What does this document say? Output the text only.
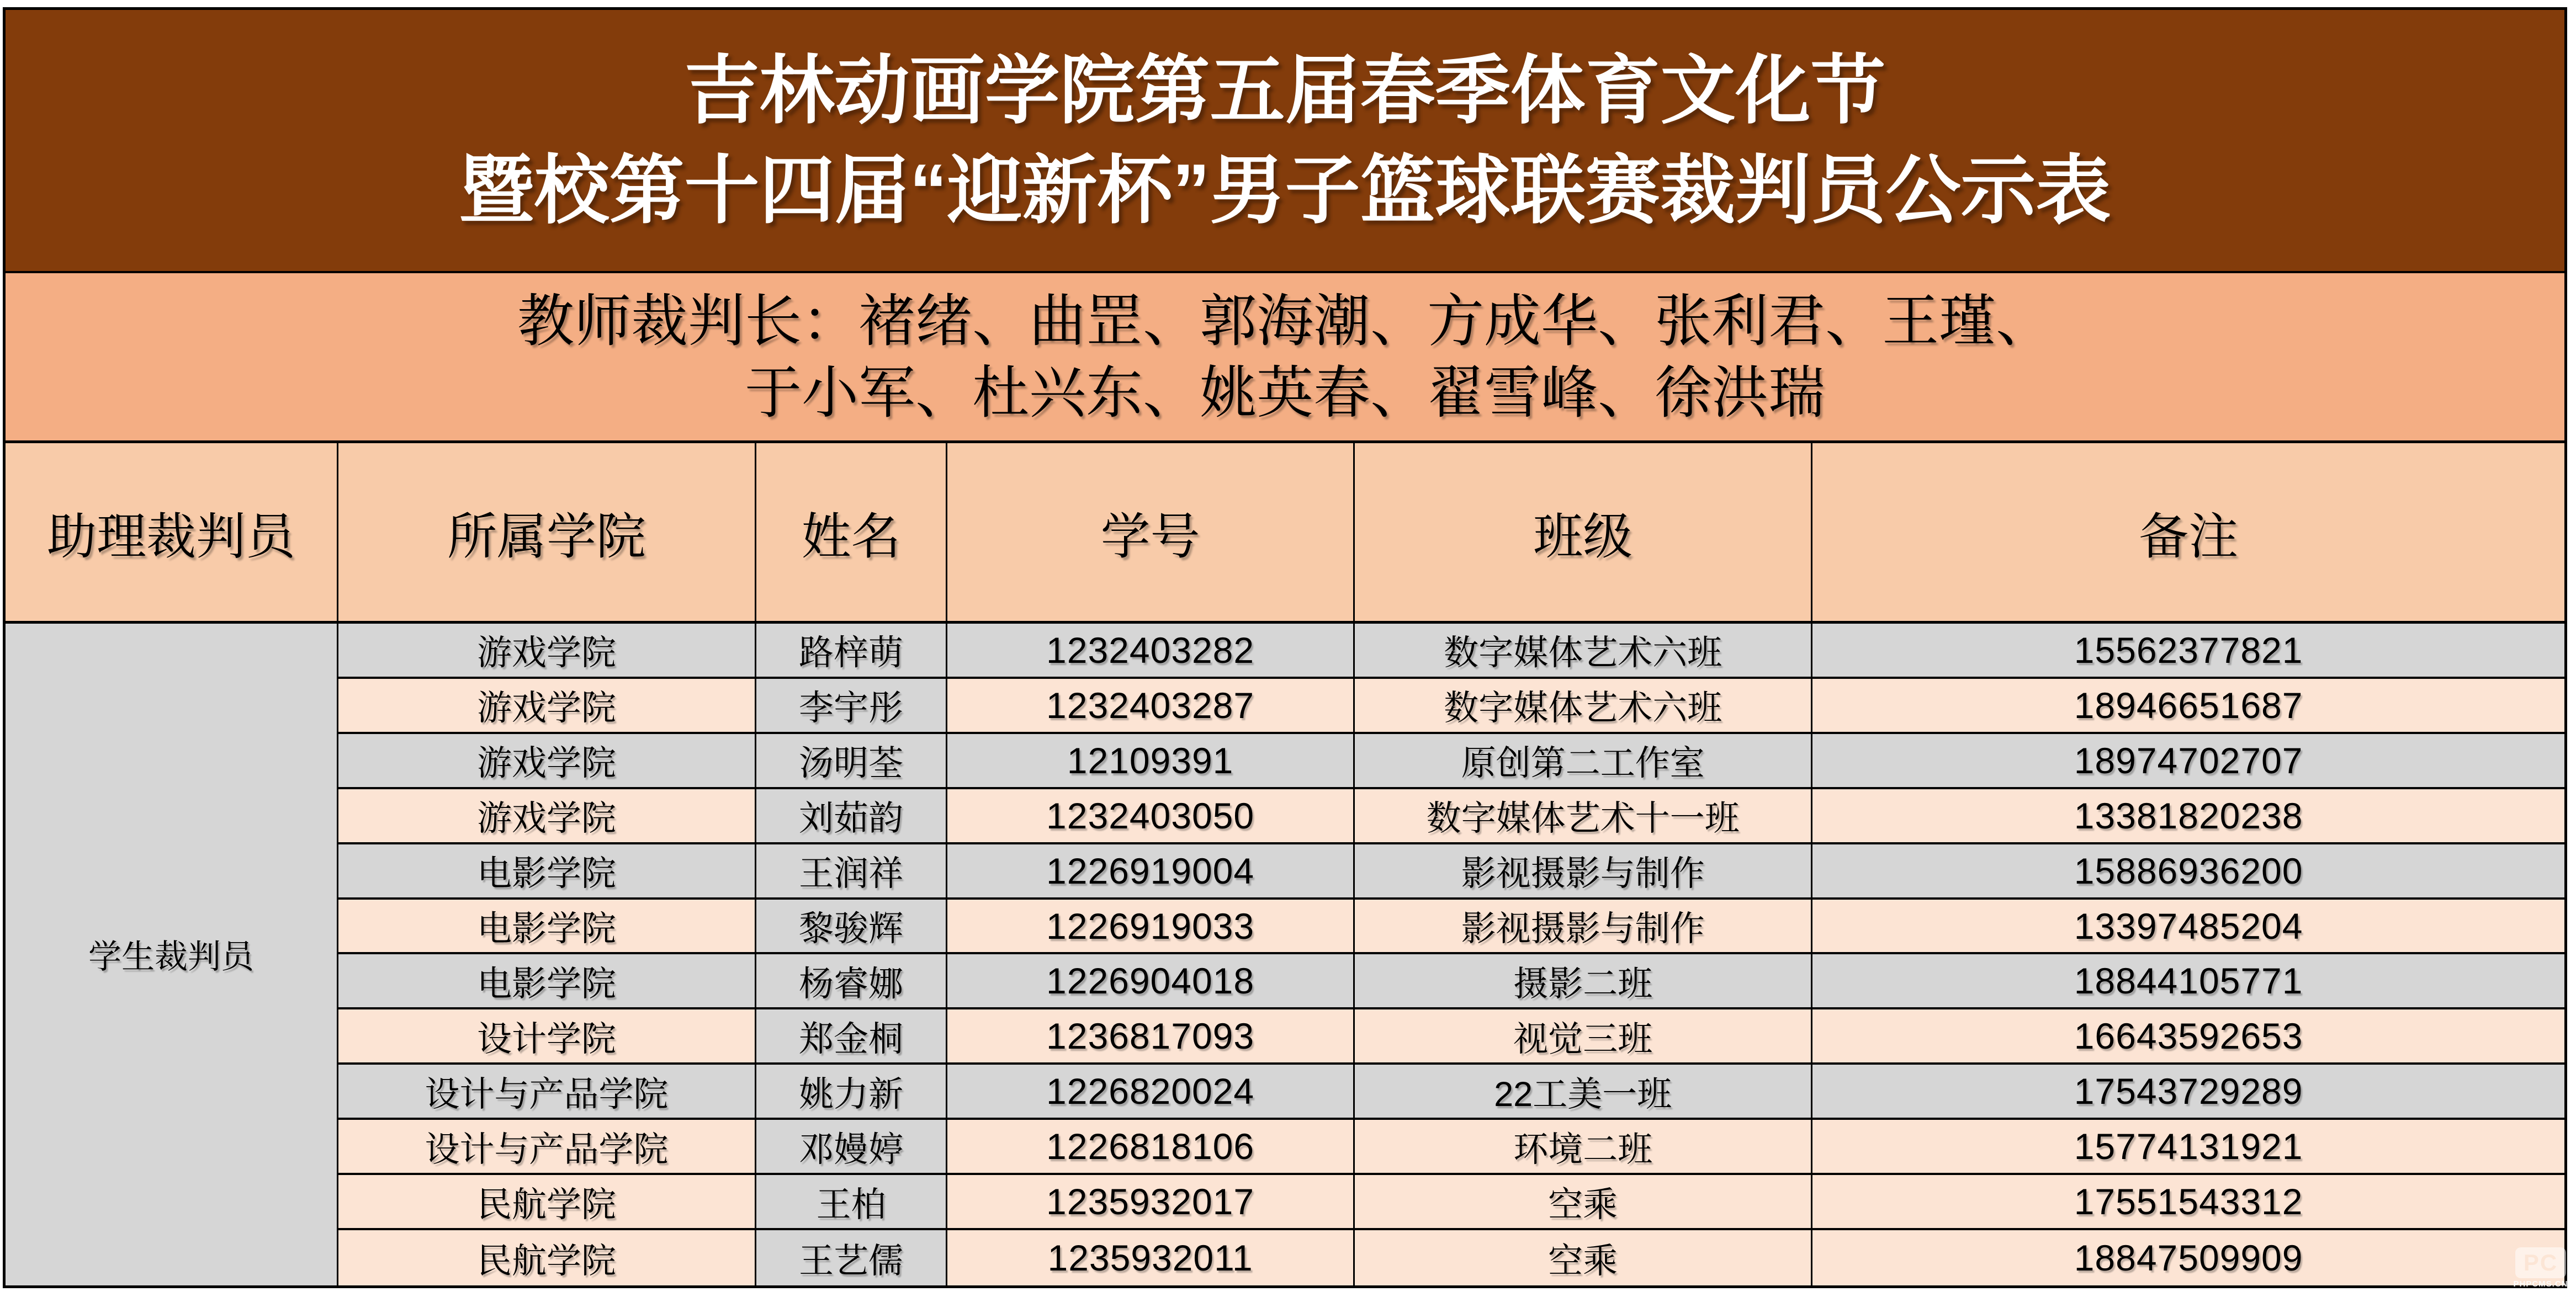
吉林动画学院第五届春季体育文化节
暨校第十四届“迎新杯”男子篮球联赛裁判员公示表
教师裁判长：褚绪、曲罡、郭海潮、方成华、张利君、王瑾、
于小军、杜兴东、姚英春、翟雪峰、徐洪瑞
助理裁判员	所属学院	姓名	学号	班级	备注
学生裁判员
游戏学院	路梓萌	1232403282	数字媒体艺术六班	15562377821
游戏学院	李宇彤	1232403287	数字媒体艺术六班	18946651687
游戏学院	汤明荃	12109391	原创第二工作室	18974702707
游戏学院	刘茹韵	1232403050	数字媒体艺术十一班	13381820238
电影学院	王润祥	1226919004	影视摄影与制作	15886936200
电影学院	黎骏辉	1226919033	影视摄影与制作	13397485204
电影学院	杨睿娜	1226904018	摄影二班	18844105771
设计学院	郑金桐	1236817093	视觉三班	16643592653
设计与产品学院	姚力新	1226820024	22工美一班	17543729289
设计与产品学院	邓嫚婷	1226818106	环境二班	15774131921
民航学院	王柏	1235932017	空乘	17551543312
民航学院	王艺儒	1235932011	空乘	18847509909	PC
PHPCMS.CN
